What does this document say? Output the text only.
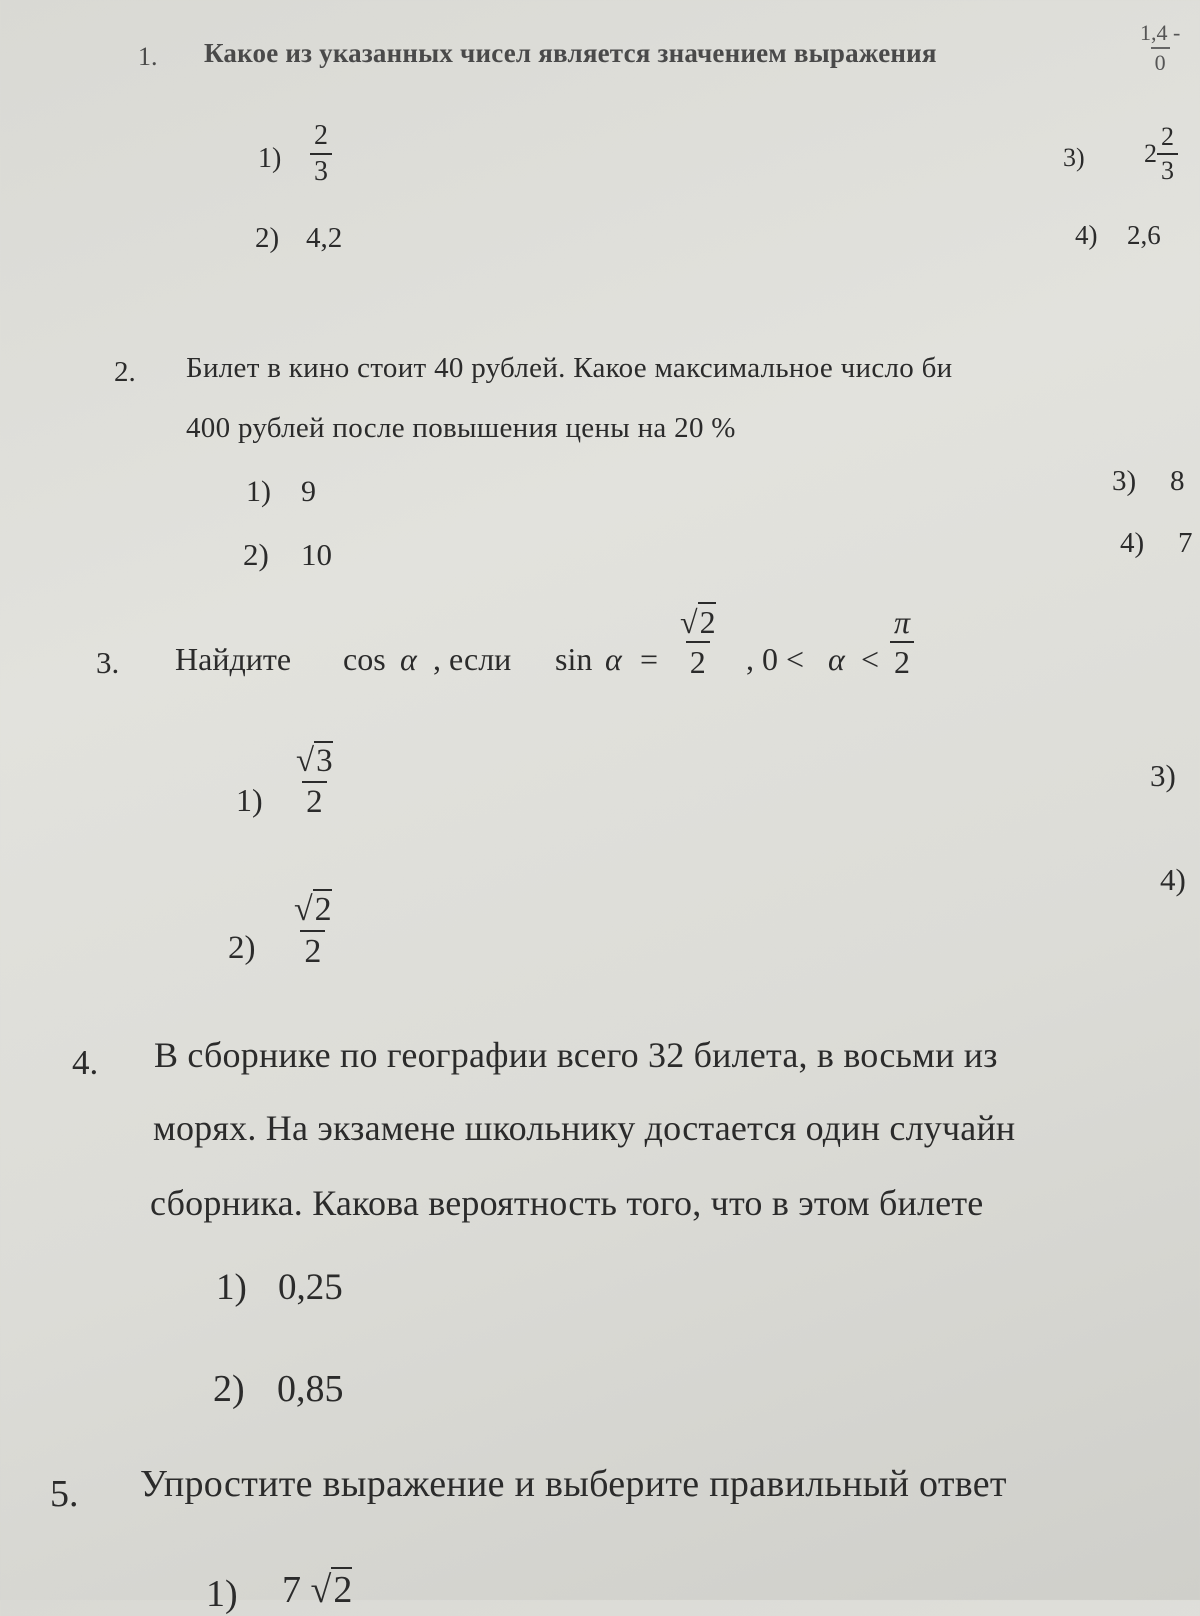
1. Какое из указанных чисел является значением выражения	$\frac{1,4 -}{0}$
$1) \frac{2}{3}$
2) 4,2
3) $2 \frac{2}{3}$
4) 2,6
2. Билет в кино стоит 40 рублей. Какое максимальное число би
400 рублей после повышения цены на 20 %
1) 9
2) 10
3) 8
4) 7
3. Найдите cos α , если $\sin \alpha = \frac{√2}{2}$ , $0 < \alpha < \frac{\pi}{2}$
$1) \frac{√3}{2}$
$2) \frac{√2}{2}$
3)
4)
4. В сборнике по географии всего 32 билета, в восьми из
морях. На экзамене школьнику достается один случайн
сборника. Какова вероятность того, что в этом билете
1) 0,25
2) 0,85
5. Упростите выражение и выберите правильный ответ
1) 7 √2
